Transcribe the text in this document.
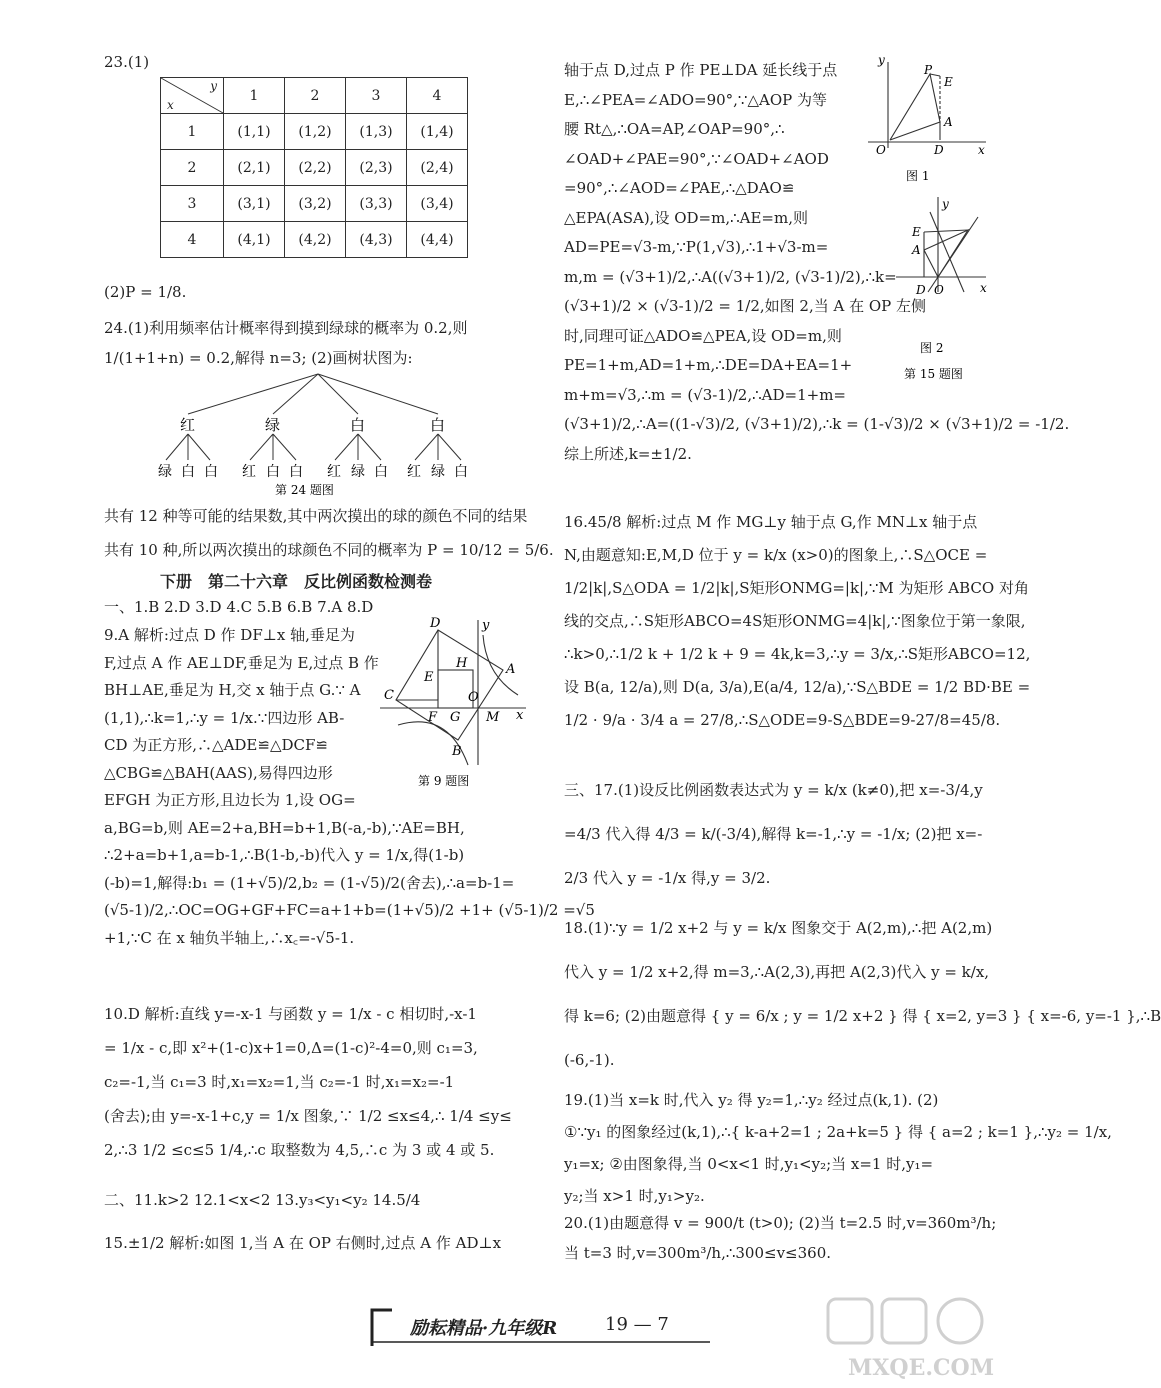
23.(1)
y
x	1	2	3	4
1	(1,1)	(1,2)	(1,3)	(1,4)
2	(2,1)	(2,2)	(2,3)	(2,4)
3	(3,1)	(3,2)	(3,3)	(3,4)
4	(4,1)	(4,2)	(4,3)	(4,4)
(2)P = 1/8.
24.(1)利用频率估计概率得到摸到绿球的概率为 0.2,则
1/(1+1+n) = 0.2,解得 n=3; (2)画树状图为:
红	绿	白	白
绿 白 白 红 白 白 红 绿 白 红 绿 白
第 24 题图
共有 12 种等可能的结果数,其中两次摸出的球的颜色不同的结果
共有 10 种,所以两次摸出的球颜色不同的概率为 P = 10/12 = 5/6.
下册　第二十六章　反比例函数检测卷
一、1.B 2.D 3.D 4.C 5.B 6.B 7.A 8.D
9.A 解析:过点 D 作 DF⊥x 轴,垂足为
F,过点 A 作 AE⊥DF,垂足为 E,过点 B 作
BH⊥AE,垂足为 H,交 x 轴于点 G.∵ A
(1,1),∴k=1,∴y = 1/x.∵四边形 AB-
CD 为正方形,∴△ADE≌△DCF≌
△CBG≌△BAH(AAS),易得四边形
EFGH 为正方形,且边长为 1,设 OG=
a,BG=b,则 AE=2+a,BH=b+1,B(-a,-b),∵AE=BH,
∴2+a=b+1,a=b-1,∴B(1-b,-b)代入 y = 1/x,得(1-b)
(-b)=1,解得:b₁ = (1+√5)/2,b₂ = (1-√5)/2(舍去),∴a=b-1=
(√5-1)/2,∴OC=OG+GF+FC=a+1+b=(1+√5)/2 +1+ (√5-1)/2 =√5
+1,∵C 在 x 轴负半轴上,∴x꜀=-√5-1.
D	y
H	A
E
C	O
F G M x
B
第 9 题图
10.D 解析:直线 y=-x-1 与函数 y = 1/x - c 相切时,-x-1
= 1/x - c,即 x²+(1-c)x+1=0,Δ=(1-c)²-4=0,则 c₁=3,
c₂=-1,当 c₁=3 时,x₁=x₂=1,当 c₂=-1 时,x₁=x₂=-1
(舍去);由 y=-x-1+c,y = 1/x 图象,∵ 1/2 ≤x≤4,∴ 1/4 ≤y≤
2,∴3 1/2 ≤c≤5 1/4,∴c 取整数为 4,5,∴c 为 3 或 4 或 5.
二、11.k>2 12.1<x<2 13.y₃<y₁<y₂ 14.5/4
15.±1/2 解析:如图 1,当 A 在 OP 右侧时,过点 A 作 AD⊥x
轴于点 D,过点 P 作 PE⊥DA 延长线于点
E,∴∠PEA=∠ADO=90°,∵△AOP 为等
腰 Rt△,∴OA=AP,∠OAP=90°,∴
∠OAD+∠PAE=90°,∵∠OAD+∠AOD
=90°,∴∠AOD=∠PAE,∴△DAO≌
△EPA(ASA),设 OD=m,∴AE=m,则
AD=PE=√3-m,∵P(1,√3),∴1+√3-m=
m,m = (√3+1)/2,∴A((√3+1)/2, (√3-1)/2),∴k=
(√3+1)/2 × (√3-1)/2 = 1/2,如图 2,当 A 在 OP 左侧
时,同理可证△ADO≌△PEA,设 OD=m,则
PE=1+m,AD=1+m,∴DE=DA+EA=1+
m+m=√3,∴m = (√3-1)/2,∴AD=1+m=
(√3+1)/2,∴A=((1-√3)/2, (√3+1)/2),∴k = (1-√3)/2 × (√3+1)/2 = -1/2.
综上所述,k=±1/2.
y
P
E
A
O	D	x
图 1
y
E
A
D O	x
图 2
第 15 题图
16.45/8 解析:过点 M 作 MG⊥y 轴于点 G,作 MN⊥x 轴于点
N,由题意知:E,M,D 位于 y = k/x (x>0)的图象上,∴S△OCE =
1/2|k|,S△ODA = 1/2|k|,S矩形ONMG=|k|,∵M 为矩形 ABCO 对角
线的交点,∴S矩形ABCO=4S矩形ONMG=4|k|,∵图象位于第一象限,
∴k>0,∴1/2 k + 1/2 k + 9 = 4k,k=3,∴y = 3/x,∴S矩形ABCO=12,
设 B(a, 12/a),则 D(a, 3/a),E(a/4, 12/a),∵S△BDE = 1/2 BD·BE =
1/2 · 9/a · 3/4 a = 27/8,∴S△ODE=9-S△BDE=9-27/8=45/8.
三、17.(1)设反比例函数表达式为 y = k/x (k≠0),把 x=-3/4,y
=4/3 代入得 4/3 = k/(-3/4),解得 k=-1,∴y = -1/x; (2)把 x=-
2/3 代入 y = -1/x 得,y = 3/2.
18.(1)∵y = 1/2 x+2 与 y = k/x 图象交于 A(2,m),∴把 A(2,m)
代入 y = 1/2 x+2,得 m=3,∴A(2,3),再把 A(2,3)代入 y = k/x,
得 k=6; (2)由题意得 { y = 6/x ; y = 1/2 x+2 } 得 { x=2, y=3 } { x=-6, y=-1 },∴B
(-6,-1).
19.(1)当 x=k 时,代入 y₂ 得 y₂=1,∴y₂ 经过点(k,1). (2)
①∵y₁ 的图象经过(k,1),∴{ k-a+2=1 ; 2a+k=5 } 得 { a=2 ; k=1 },∴y₂ = 1/x,
y₁=x; ②由图象得,当 0<x<1 时,y₁<y₂;当 x=1 时,y₁=
y₂;当 x>1 时,y₁>y₂.
20.(1)由题意得 v = 900/t (t>0); (2)当 t=2.5 时,v=360m³/h;
当 t=3 时,v=300m³/h,∴300≤v≤360.
励耘精品·九年级R	19 — 7
MXQE.COM
